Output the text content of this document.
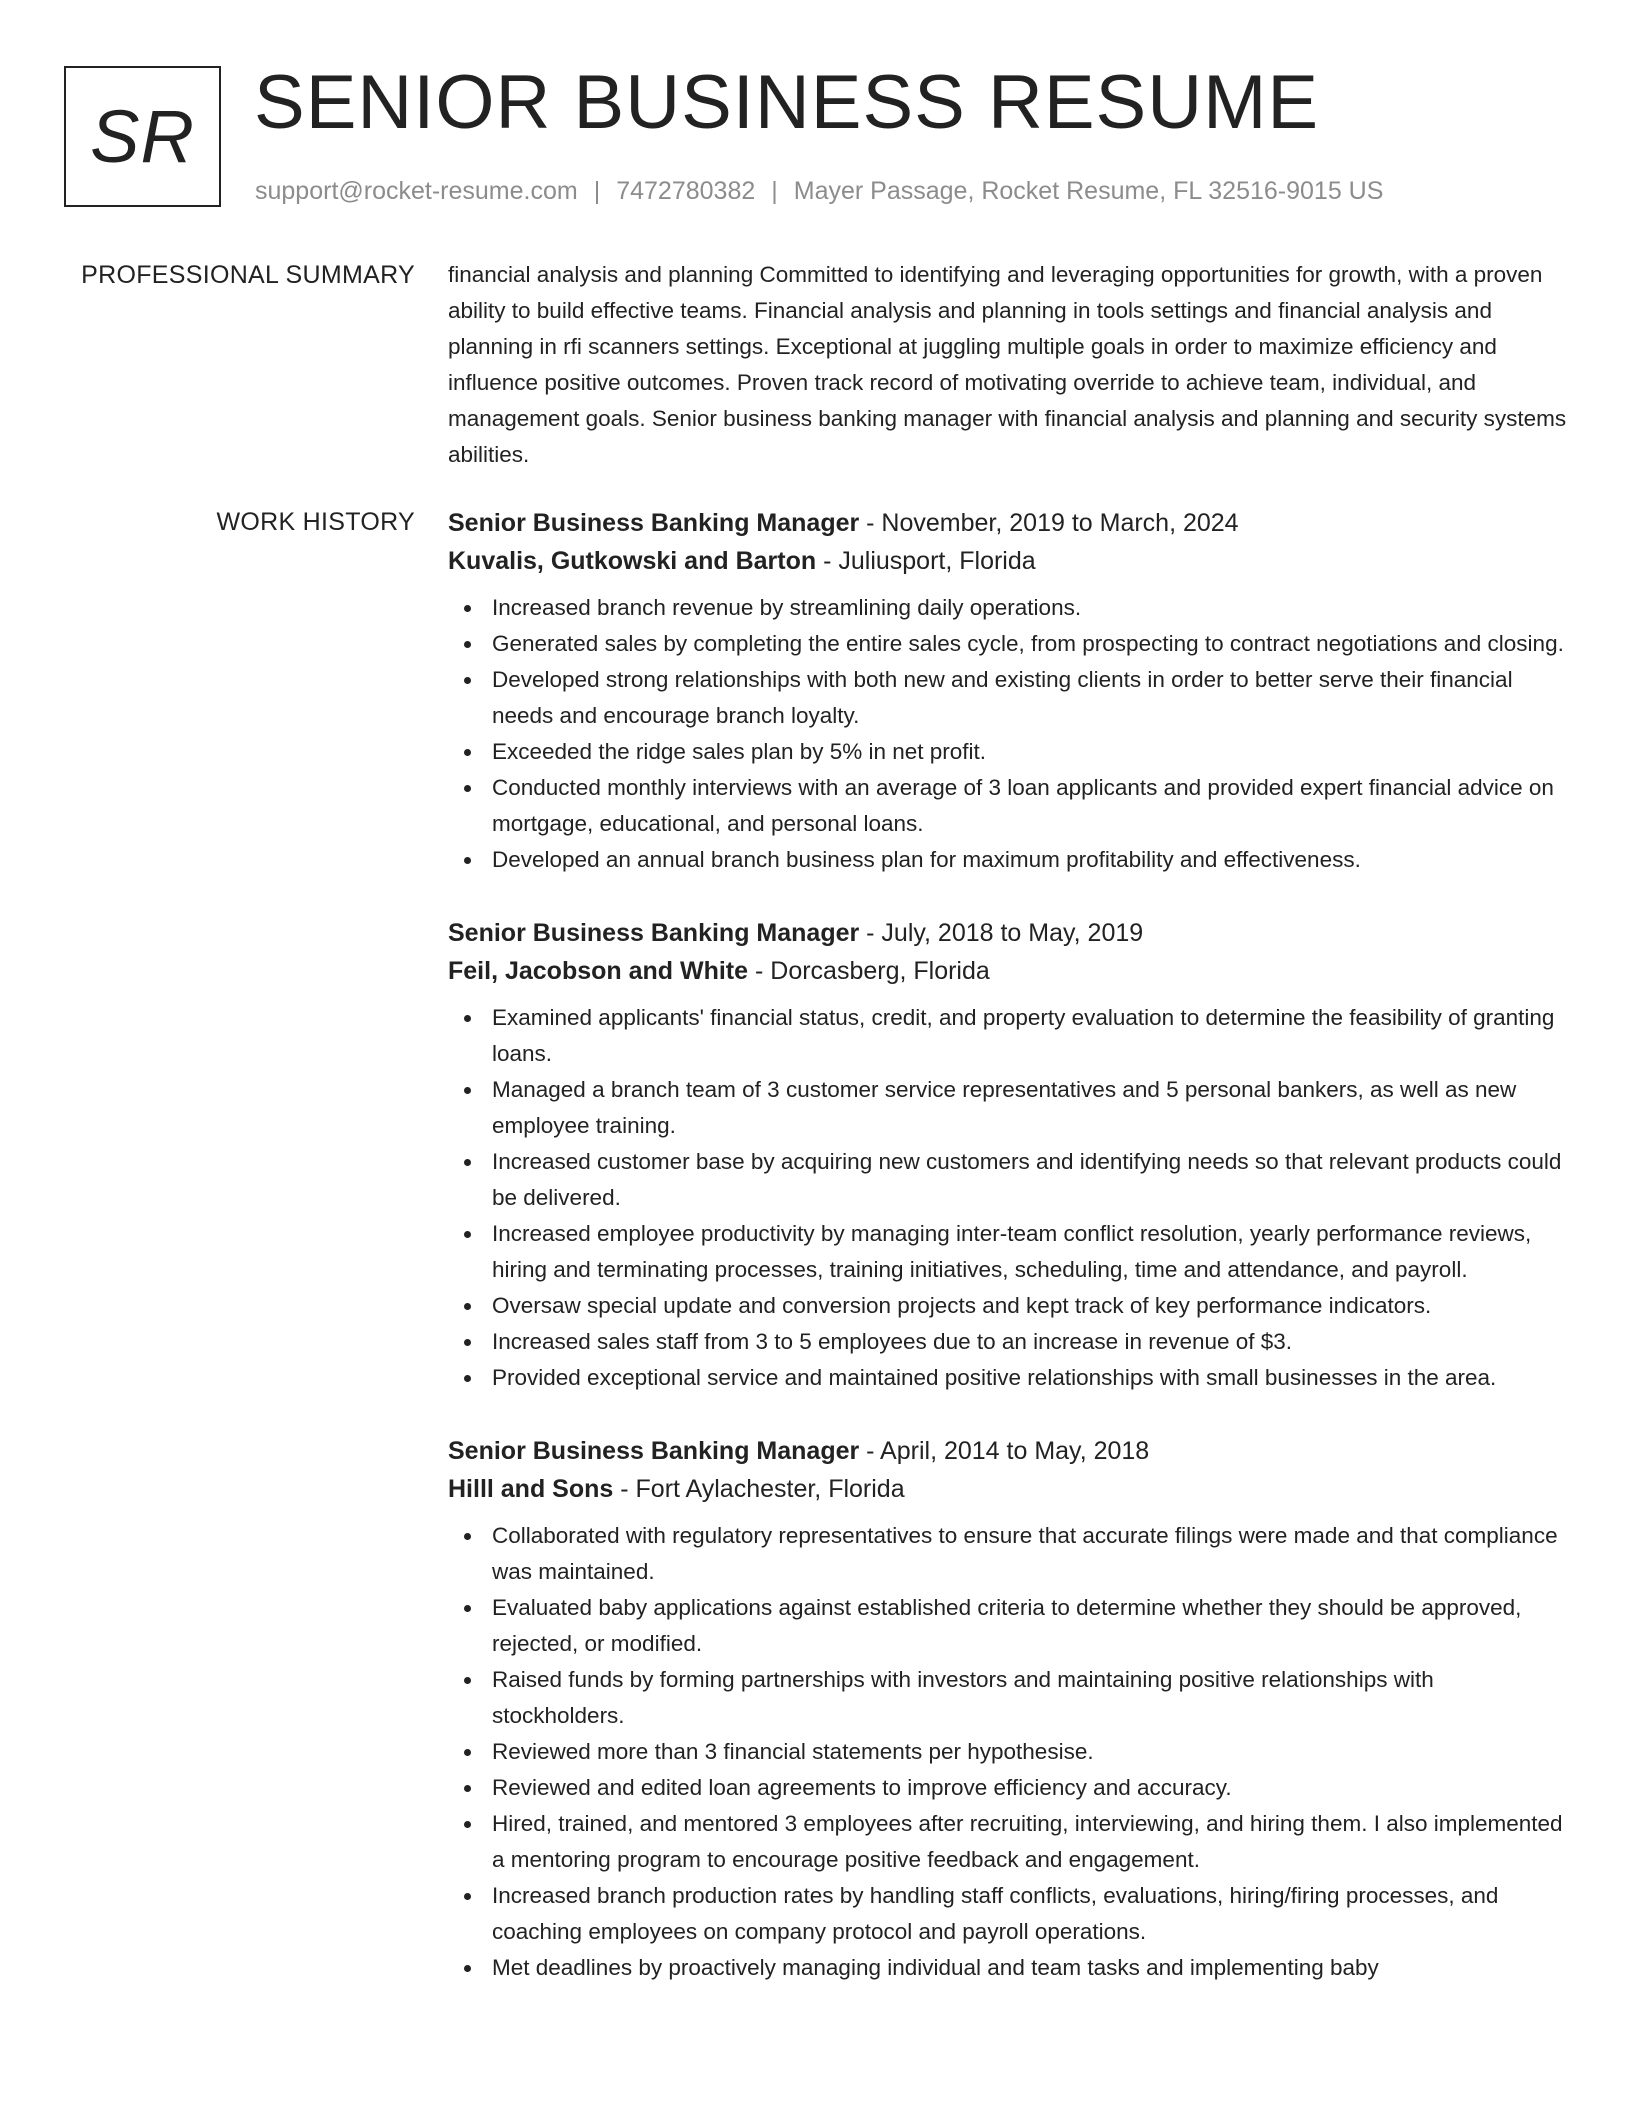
SR SENIOR BUSINESS RESUME
support@rocket-resume.com | 7472780382 | Mayer Passage, Rocket Resume, FL 32516-9015 US
PROFESSIONAL SUMMARY financial analysis and planning Committed to identifying and leveraging opportunities for growth, with a proven ability to build effective teams. Financial analysis and planning in tools settings and financial analysis and planning in rfi scanners settings. Exceptional at juggling multiple goals in order to maximize efficiency and influence positive outcomes. Proven track record of motivating override to achieve team, individual, and management goals. Senior business banking manager with financial analysis and planning and security systems abilities.

WORK HISTORY Senior Business Banking Manager - November, 2019 to March, 2024

Kuvalis, Gutkowski and Barton - Juliusport, Florida

Increased branch revenue by streamlining daily operations.
Generated sales by completing the entire sales cycle, from prospecting to contract negotiations and closing.
Developed strong relationships with both new and existing clients in order to better serve their financial needs and encourage branch loyalty.
Exceeded the ridge sales plan by 5% in net profit.
Conducted monthly interviews with an average of 3 loan applicants and provided expert financial advice on mortgage, educational, and personal loans.
Developed an annual branch business plan for maximum profitability and effectiveness.

Senior Business Banking Manager - July, 2018 to May, 2019

Feil, Jacobson and White - Dorcasberg, Florida

Examined applicants' financial status, credit, and property evaluation to determine the feasibility of granting loans.
Managed a branch team of 3 customer service representatives and 5 personal bankers, as well as new employee training.
Increased customer base by acquiring new customers and identifying needs so that relevant products could be delivered.
Increased employee productivity by managing inter-team conflict resolution, yearly performance reviews, hiring and terminating processes, training initiatives, scheduling, time and attendance, and payroll.
Oversaw special update and conversion projects and kept track of key performance indicators.
Increased sales staff from 3 to 5 employees due to an increase in revenue of $3.
Provided exceptional service and maintained positive relationships with small businesses in the area.

Senior Business Banking Manager - April, 2014 to May, 2018

Hilll and Sons - Fort Aylachester, Florida

Collaborated with regulatory representatives to ensure that accurate filings were made and that compliance was maintained.
Evaluated baby applications against established criteria to determine whether they should be approved, rejected, or modified.
Raised funds by forming partnerships with investors and maintaining positive relationships with stockholders.
Reviewed more than 3 financial statements per hypothesise.
Reviewed and edited loan agreements to improve efficiency and accuracy.
Hired, trained, and mentored 3 employees after recruiting, interviewing, and hiring them. I also implemented a mentoring program to encourage positive feedback and engagement.
Increased branch production rates by handling staff conflicts, evaluations, hiring/firing processes, and coaching employees on company protocol and payroll operations.
Met deadlines by proactively managing individual and team tasks and implementing baby
